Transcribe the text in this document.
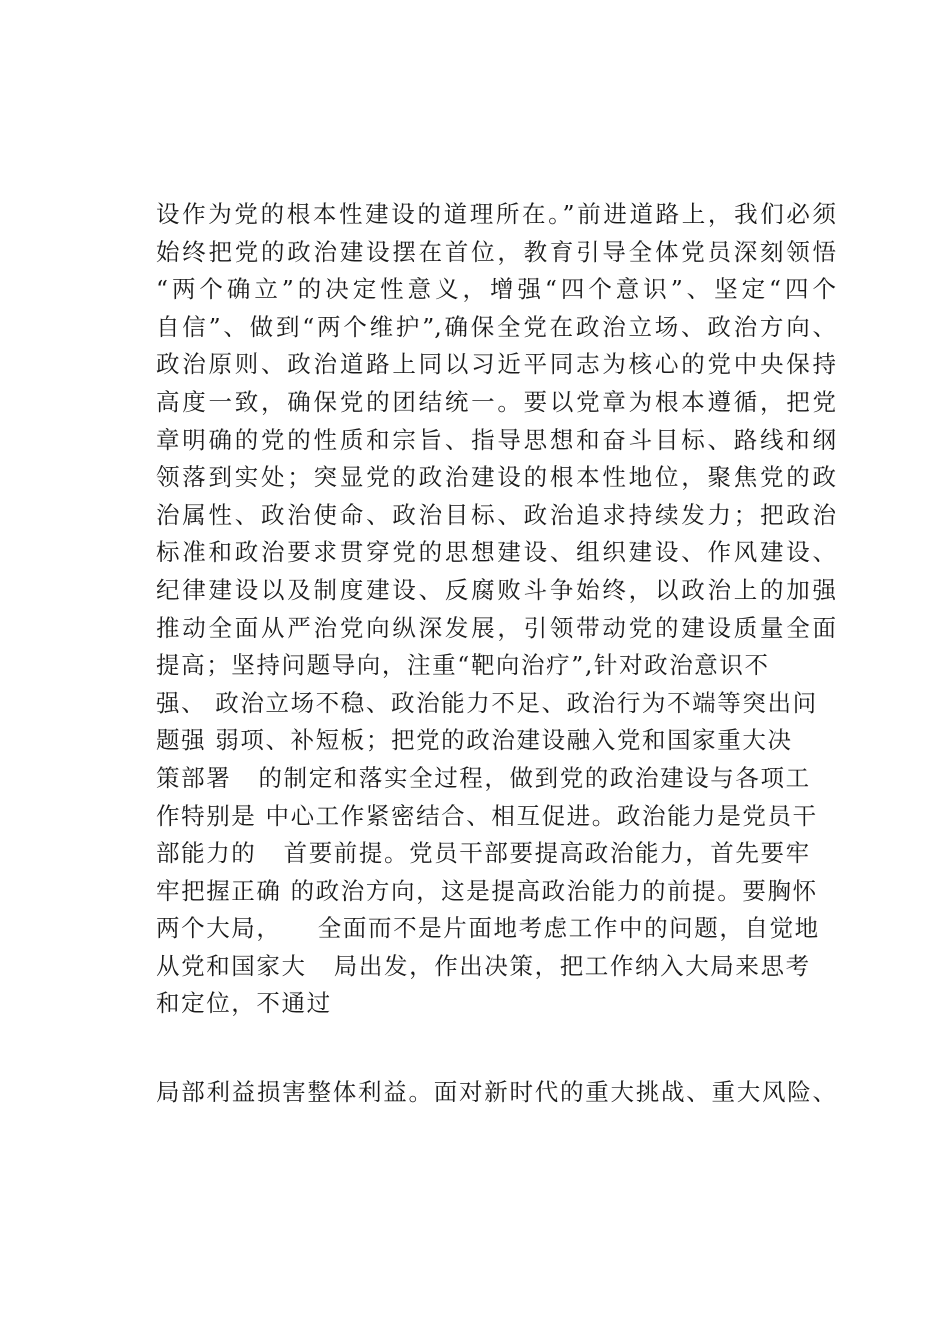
设作为党的根本性建设的道理所在。”前进道路上，我们必须
始终把党的政治建设摆在首位，教育引导全体党员深刻领悟
“两个确立”的决定性意义，增强“四个意识”、坚定“四个
自信”、做到“两个维护”,确保全党在政治立场、政治方向、
政治原则、政治道路上同以习近平同志为核心的党中央保持
高度一致，确保党的团结统一。要以党章为根本遵循，把党
章明确的党的性质和宗旨、指导思想和奋斗目标、路线和纲
领落到实处；突显党的政治建设的根本性地位，聚焦党的政
治属性、政治使命、政治目标、政治追求持续发力；把政治
标准和政治要求贯穿党的思想建设、组织建设、作风建设、
纪律建设以及制度建设、反腐败斗争始终，以政治上的加强
推动全面从严治党向纵深发展，引领带动党的建设质量全面
提高；坚持问题导向，注重“靶向治疗”,针对政治意识不
强、 政治立场不稳、政治能力不足、政治行为不端等突出问
题强 弱项、补短板；把党的政治建设融入党和国家重大决
策部署   的制定和落实全过程，做到党的政治建设与各项工
作特别是 中心工作紧密结合、相互促进。政治能力是党员干
部能力的   首要前提。党员干部要提高政治能力，首先要牢
牢把握正确 的政治方向，这是提高政治能力的前提。要胸怀
两个大局，    全面而不是片面地考虑工作中的问题，自觉地
从党和国家大   局出发，作出决策，把工作纳入大局来思考
和定位，不通过
局部利益损害整体利益。面对新时代的重大挑战、重大风险、
